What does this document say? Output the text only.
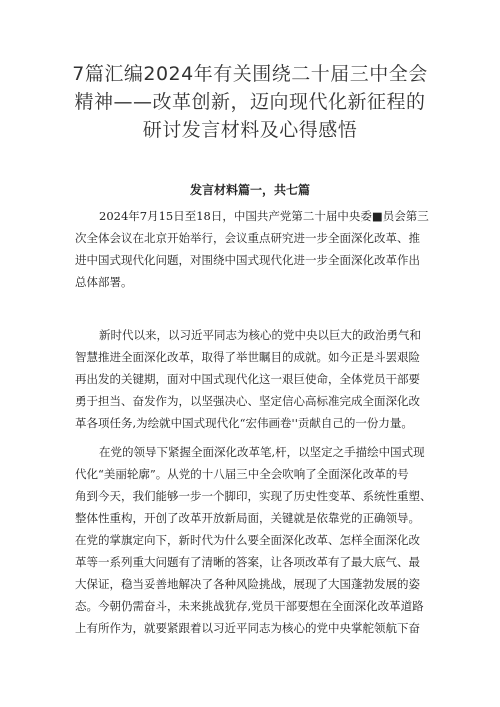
7篇汇编2024年有关围绕二十届三中全会
精神——改革创新，迈向现代化新征程的
研讨发言材料及心得感悟
发言材料篇一，共七篇
2024年7月15日至18日，中国共产党第二十届中央委■员会第三
次全体会议在北京开始举行，会议重点研究进一步全面深化改革、推
进中国式现代化问题，对围绕中国式现代化进一步全面深化改革作出
总体部署。
新时代以来，以习近平同志为核心的党中央以巨大的政治勇气和
智慧推进全面深化改革，取得了举世瞩目的成就。如今正是斗罢艰险
再出发的关键期，面对中国式现代化这一艰巨使命，全体党员干部要
勇于担当、奋发作为，以坚强决心、坚定信心高标准完成全面深化改
革各项任务,为绘就中国式现代化“宏伟画卷''贡献自己的一份力量。
在党的领导下紧握全面深化改革笔,杆，以坚定之手描绘中国式现
代化“美丽轮廓”。从党的十八届三中全会吹响了全面深化改革的号
角到今天，我们能够一步一个脚印，实现了历史性变革、系统性重塑、
整体性重构，开创了改革开放新局面，关键就是依靠党的正确领导。
在党的掌旗定向下，新时代为什么要全面深化改革、怎样全面深化改
革等一系列重大问题有了清晰的答案，让各项改革有了最大底气、最
大保证，稳当妥善地解决了各种风险挑战，展现了大国蓬勃发展的姿
态。今朝仍需奋斗，未来挑战犹存,党员干部要想在全面深化改革道路
上有所作为，就要紧跟着以习近平同志为核心的党中央掌舵领航下奋
